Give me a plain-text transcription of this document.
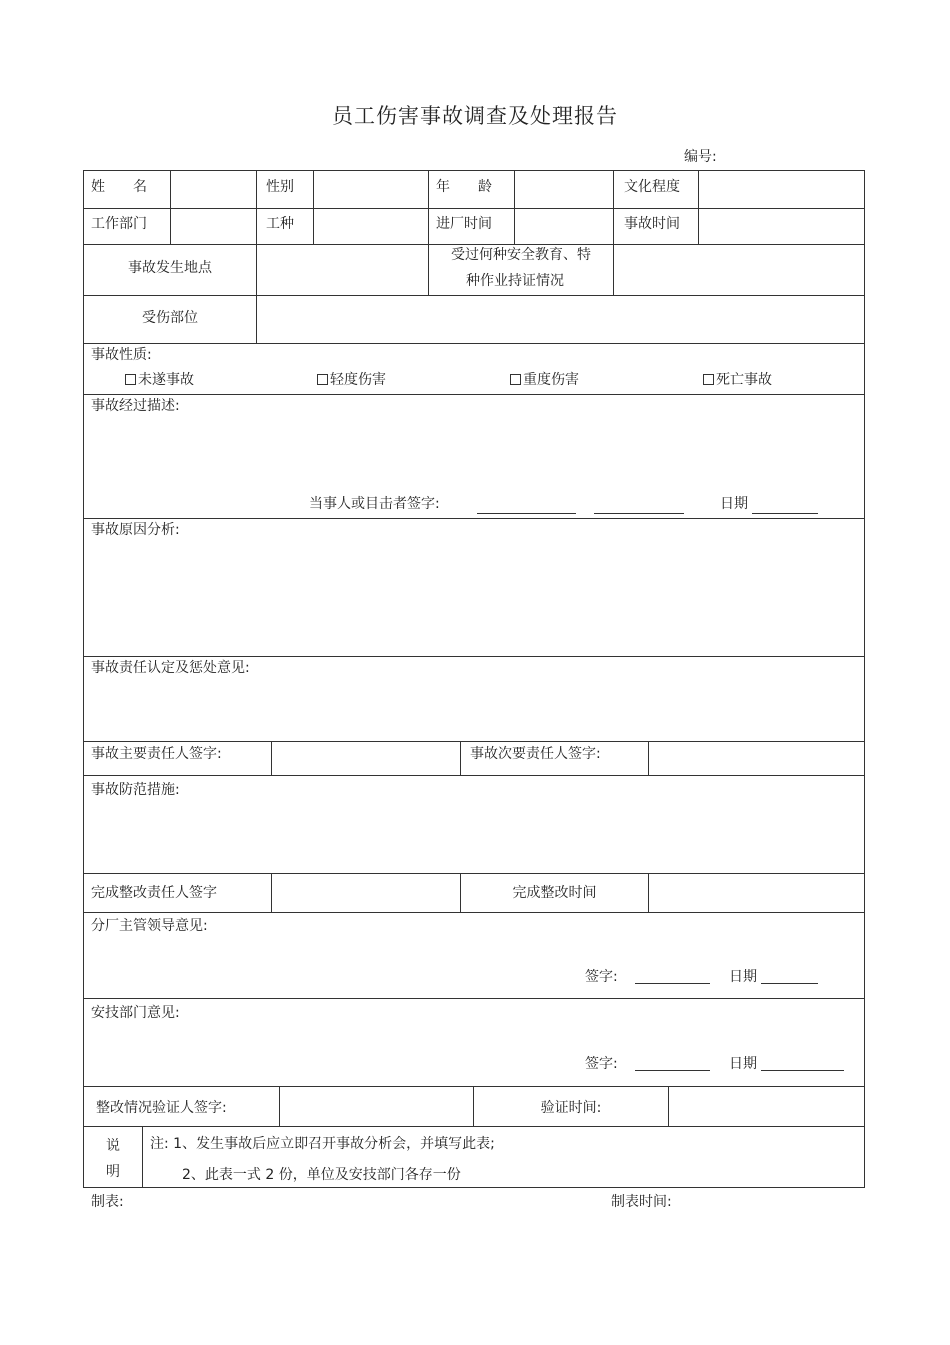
员工伤害事故调查及处理报告
编号:
姓　　名	性别	年　　龄	文化程度
工作部门	工种	进厂时间	事故时间
事故发生地点
受过何种安全教育、特
种作业持证情况
受伤部位
事故性质:
未遂事故	轻度伤害	重度伤害	死亡事故
事故经过描述:
当事人或目击者签字:	日期
事故原因分析:
事故责任认定及惩处意见:
事故主要责任人签字:	事故次要责任人签字:
事故防范措施:
完成整改责任人签字	完成整改时间
分厂主管领导意见:
签字:	日期
安技部门意见:
签字:	日期
整改情况验证人签字:	验证时间:
说
明
注: 1、发生事故后应立即召开事故分析会，并填写此表;
2、此表一式 2 份，单位及安技部门各存一份
制表:	制表时间:
